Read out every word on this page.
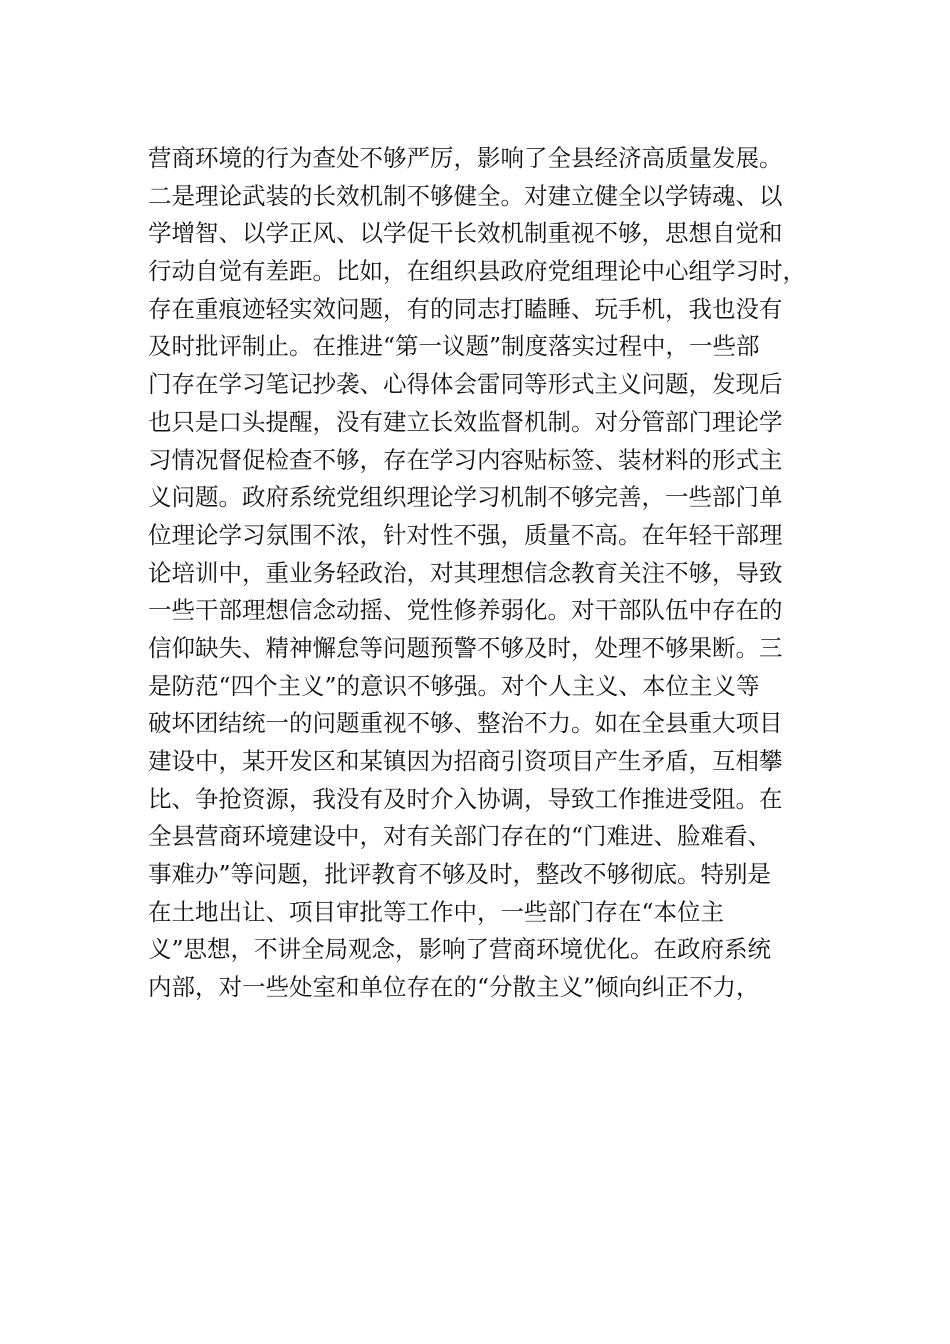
营商环境的行为查处不够严厉，影响了全县经济高质量发展。
二是理论武装的长效机制不够健全。对建立健全以学铸魂、以
学增智、以学正风、以学促干长效机制重视不够，思想自觉和
行动自觉有差距。比如，在组织县政府党组理论中心组学习时，
存在重痕迹轻实效问题，有的同志打瞌睡、玩手机，我也没有
及时批评制止。在推进“第一议题”制度落实过程中，一些部
门存在学习笔记抄袭、心得体会雷同等形式主义问题，发现后
也只是口头提醒，没有建立长效监督机制。对分管部门理论学
习情况督促检查不够，存在学习内容贴标签、装材料的形式主
义问题。政府系统党组织理论学习机制不够完善，一些部门单
位理论学习氛围不浓，针对性不强，质量不高。在年轻干部理
论培训中，重业务轻政治，对其理想信念教育关注不够，导致
一些干部理想信念动摇、党性修养弱化。对干部队伍中存在的
信仰缺失、精神懈怠等问题预警不够及时，处理不够果断。三
是防范“四个主义”的意识不够强。对个人主义、本位主义等
破坏团结统一的问题重视不够、整治不力。如在全县重大项目
建设中，某开发区和某镇因为招商引资项目产生矛盾，互相攀
比、争抢资源，我没有及时介入协调，导致工作推进受阻。在
全县营商环境建设中，对有关部门存在的“门难进、脸难看、
事难办”等问题，批评教育不够及时，整改不够彻底。特别是
在土地出让、项目审批等工作中，一些部门存在“本位主
义”思想，不讲全局观念，影响了营商环境优化。在政府系统
内部，对一些处室和单位存在的“分散主义”倾向纠正不力，
